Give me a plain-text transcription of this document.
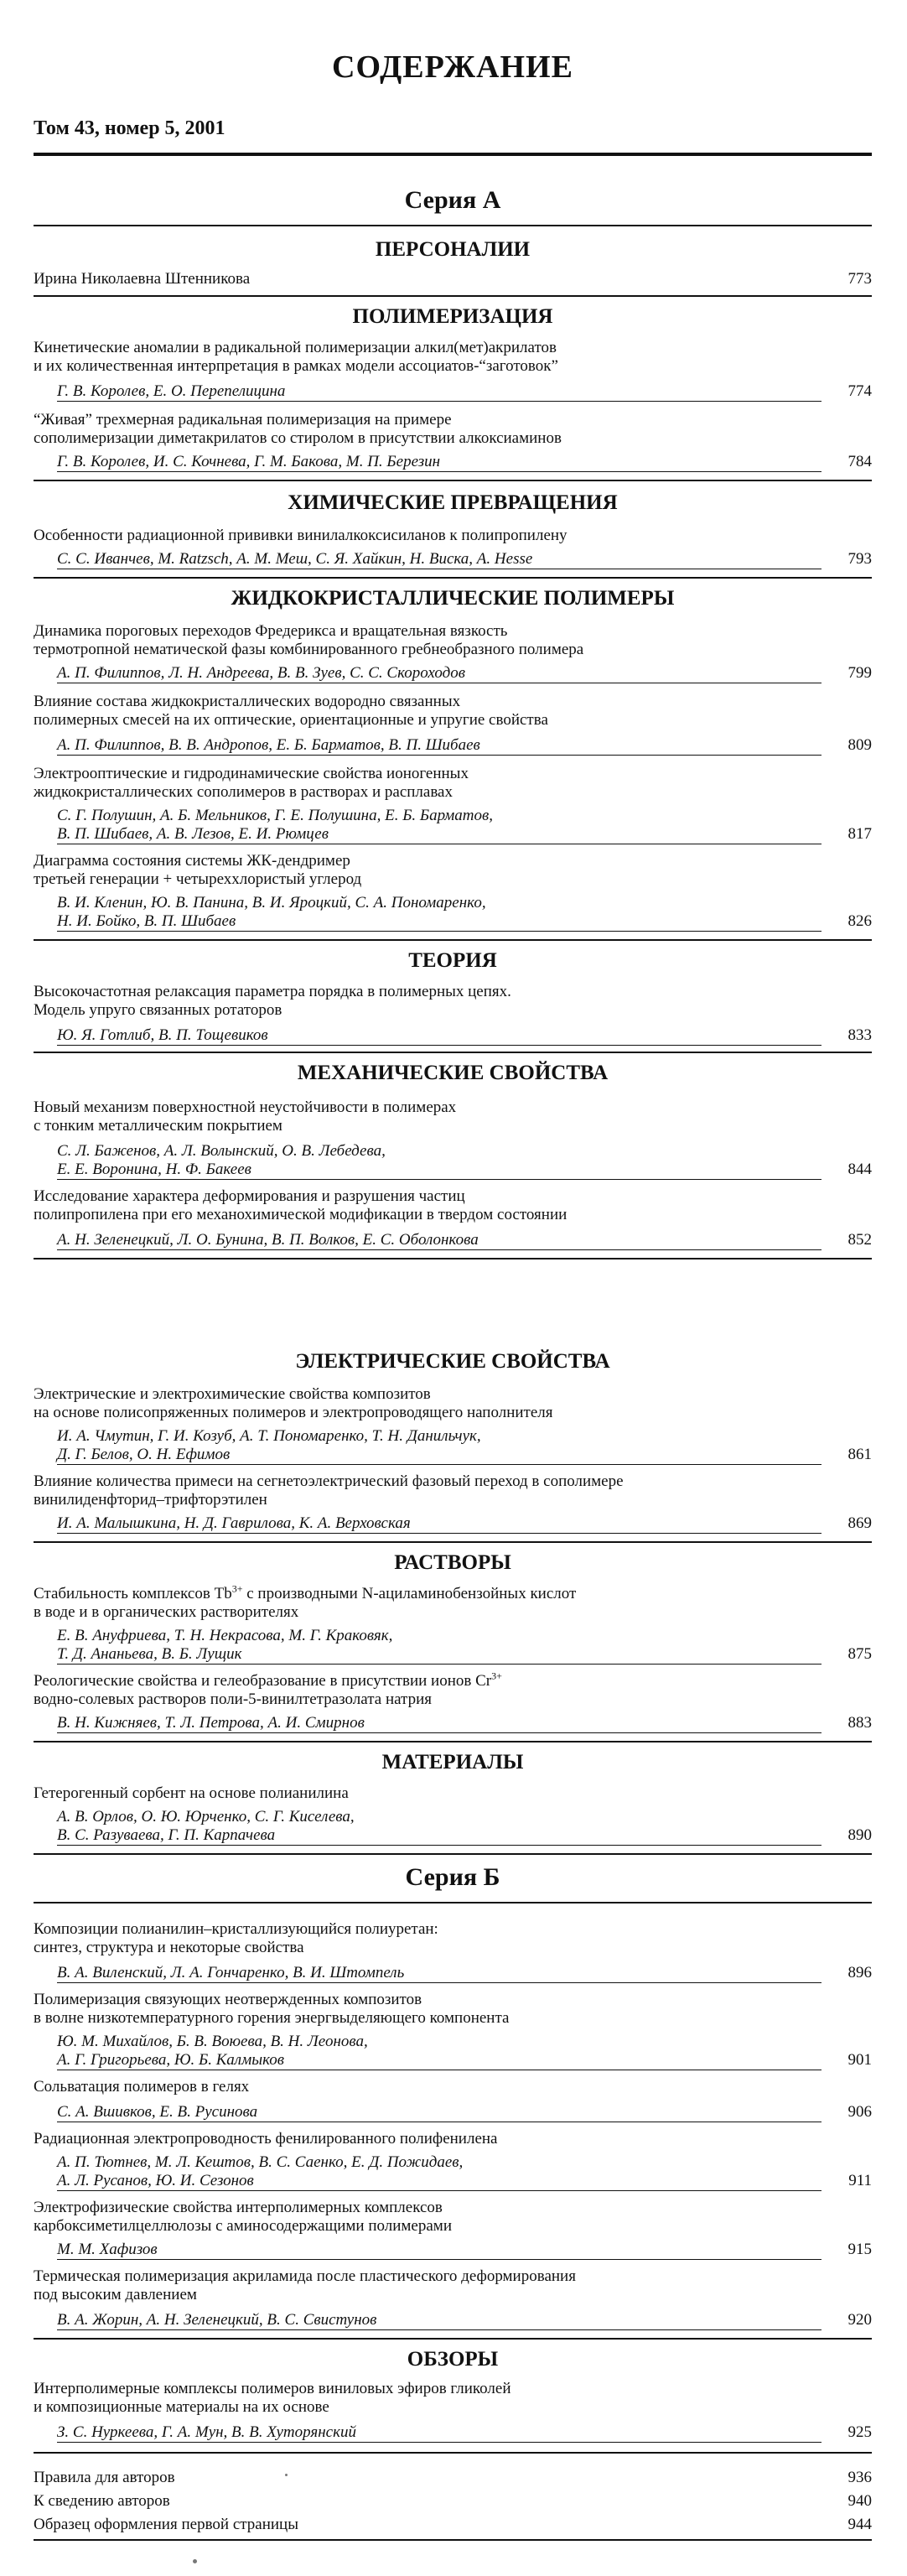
СОДЕРЖАНИЕ
Том 43, номер 5, 2001
Серия А
ПЕРСОНАЛИИ
Ирина Николаевна Штенникова	773
ПОЛИМЕРИЗАЦИЯ
Кинетические аномалии в радикальной полимеризации алкил(мет)акрилатов
и их количественная интерпретация в рамках модели ассоциатов-“заготовок”
Г. В. Королев, Е. О. Перепелицина	774
“Живая” трехмерная радикальная полимеризация на примере
сополимеризации диметакрилатов со стиролом в присутствии алкоксиаминов
Г. В. Королев, И. С. Кочнева, Г. М. Бакова, М. П. Березин	784
ХИМИЧЕСКИЕ ПРЕВРАЩЕНИЯ
Особенности радиационной прививки винилалкоксисиланов к полипропилену
С. С. Иванчев, M. Ratzsch, А. М. Меш, С. Я. Хайкин, Н. Виска, A. Hesse	793
ЖИДКОКРИСТАЛЛИЧЕСКИЕ ПОЛИМЕРЫ
Динамика пороговых переходов Фредерикса и вращательная вязкость
термотропной нематической фазы комбинированного гребнеобразного полимера
А. П. Филиппов, Л. Н. Андреева, В. В. Зуев, С. С. Скороходов	799
Влияние состава жидкокристаллических водородно связанных
полимерных смесей на их оптические, ориентационные и упругие свойства
А. П. Филиппов, В. В. Андропов, Е. Б. Барматов, В. П. Шибаев	809
Электрооптические и гидродинамические свойства ионогенных
жидкокристаллических сополимеров в растворах и расплавах
С. Г. Полушин, А. Б. Мельников, Г. Е. Полушина, Е. Б. Барматов,
В. П. Шибаев, А. В. Лезов, Е. И. Рюмцев	817
Диаграмма состояния системы ЖК-дендример
третьей генерации + четыреххлористый углерод
В. И. Кленин, Ю. В. Панина, В. И. Яроцкий, С. А. Пономаренко,
Н. И. Бойко, В. П. Шибаев	826
ТЕОРИЯ
Высокочастотная релаксация параметра порядка в полимерных цепях.
Модель упруго связанных ротаторов
Ю. Я. Готлиб, В. П. Тощевиков	833
МЕХАНИЧЕСКИЕ СВОЙСТВА
Новый механизм поверхностной неустойчивости в полимерах
с тонким металлическим покрытием
С. Л. Баженов, А. Л. Волынский, О. В. Лебедева,
Е. Е. Воронина, Н. Ф. Бакеев	844
Исследование характера деформирования и разрушения частиц
полипропилена при его механохимической модификации в твердом состоянии
А. Н. Зеленецкий, Л. О. Бунина, В. П. Волков, Е. С. Оболонкова	852
ЭЛЕКТРИЧЕСКИЕ СВОЙСТВА
Электрические и электрохимические свойства композитов
на основе полисопряженных полимеров и электропроводящего наполнителя
И. А. Чмутин, Г. И. Козуб, А. Т. Пономаренко, Т. Н. Данильчук,
Д. Г. Белов, О. Н. Ефимов	861
Влияние количества примеси на сегнетоэлектрический фазовый переход в сополимере
винилиденфторид–трифторэтилен
И. А. Малышкина, Н. Д. Гаврилова, К. А. Верховская	869
РАСТВОРЫ
Стабильность комплексов $Tb^{3+}$ с производными N-ациламинобензойных кислот
в воде и в органических растворителях
Е. В. Ануфриева, Т. Н. Некрасова, М. Г. Краковяк,
Т. Д. Ананьева, В. Б. Лущик	875
Реологические свойства и гелеобразование в присутствии ионов $Cr^{3+}$
водно-солевых растворов поли-5-винилтетразолата натрия
В. Н. Кижняев, Т. Л. Петрова, А. И. Смирнов	883
МАТЕРИАЛЫ
Гетерогенный сорбент на основе полианилина
А. В. Орлов, О. Ю. Юрченко, С. Г. Киселева,
В. С. Разуваева, Г. П. Карпачева	890
Серия Б
Композиции полианилин–кристаллизующийся полиуретан:
синтез, структура и некоторые свойства
В. А. Виленский, Л. А. Гончаренко, В. И. Штомпель	896
Полимеризация связующих неотвержденных композитов
в волне низкотемпературного горения энергвыделяющего компонента
Ю. М. Михайлов, Б. В. Воюева, В. Н. Леонова,
А. Г. Григорьева, Ю. Б. Калмыков	901
Сольватация полимеров в гелях
С. А. Вшивков, Е. В. Русинова	906
Радиационная электропроводность фенилированного полифенилена
А. П. Тютнев, М. Л. Кештов, В. С. Саенко, Е. Д. Пожидаев,
А. Л. Русанов, Ю. И. Сезонов	911
Электрофизические свойства интерполимерных комплексов
карбоксиметилцеллюлозы с аминосодержащими полимерами
М. М. Хафизов	915
Термическая полимеризация акриламида после пластического деформирования
под высоким давлением
В. А. Жорин, А. Н. Зеленецкий, В. С. Свистунов	920
ОБЗОРЫ
Интерполимерные комплексы полимеров виниловых эфиров гликолей
и композиционные материалы на их основе
З. С. Нуркеева, Г. А. Мун, В. В. Хуторянский	925
Правила для авторов	936
К сведению авторов	940
Образец оформления первой страницы	944
